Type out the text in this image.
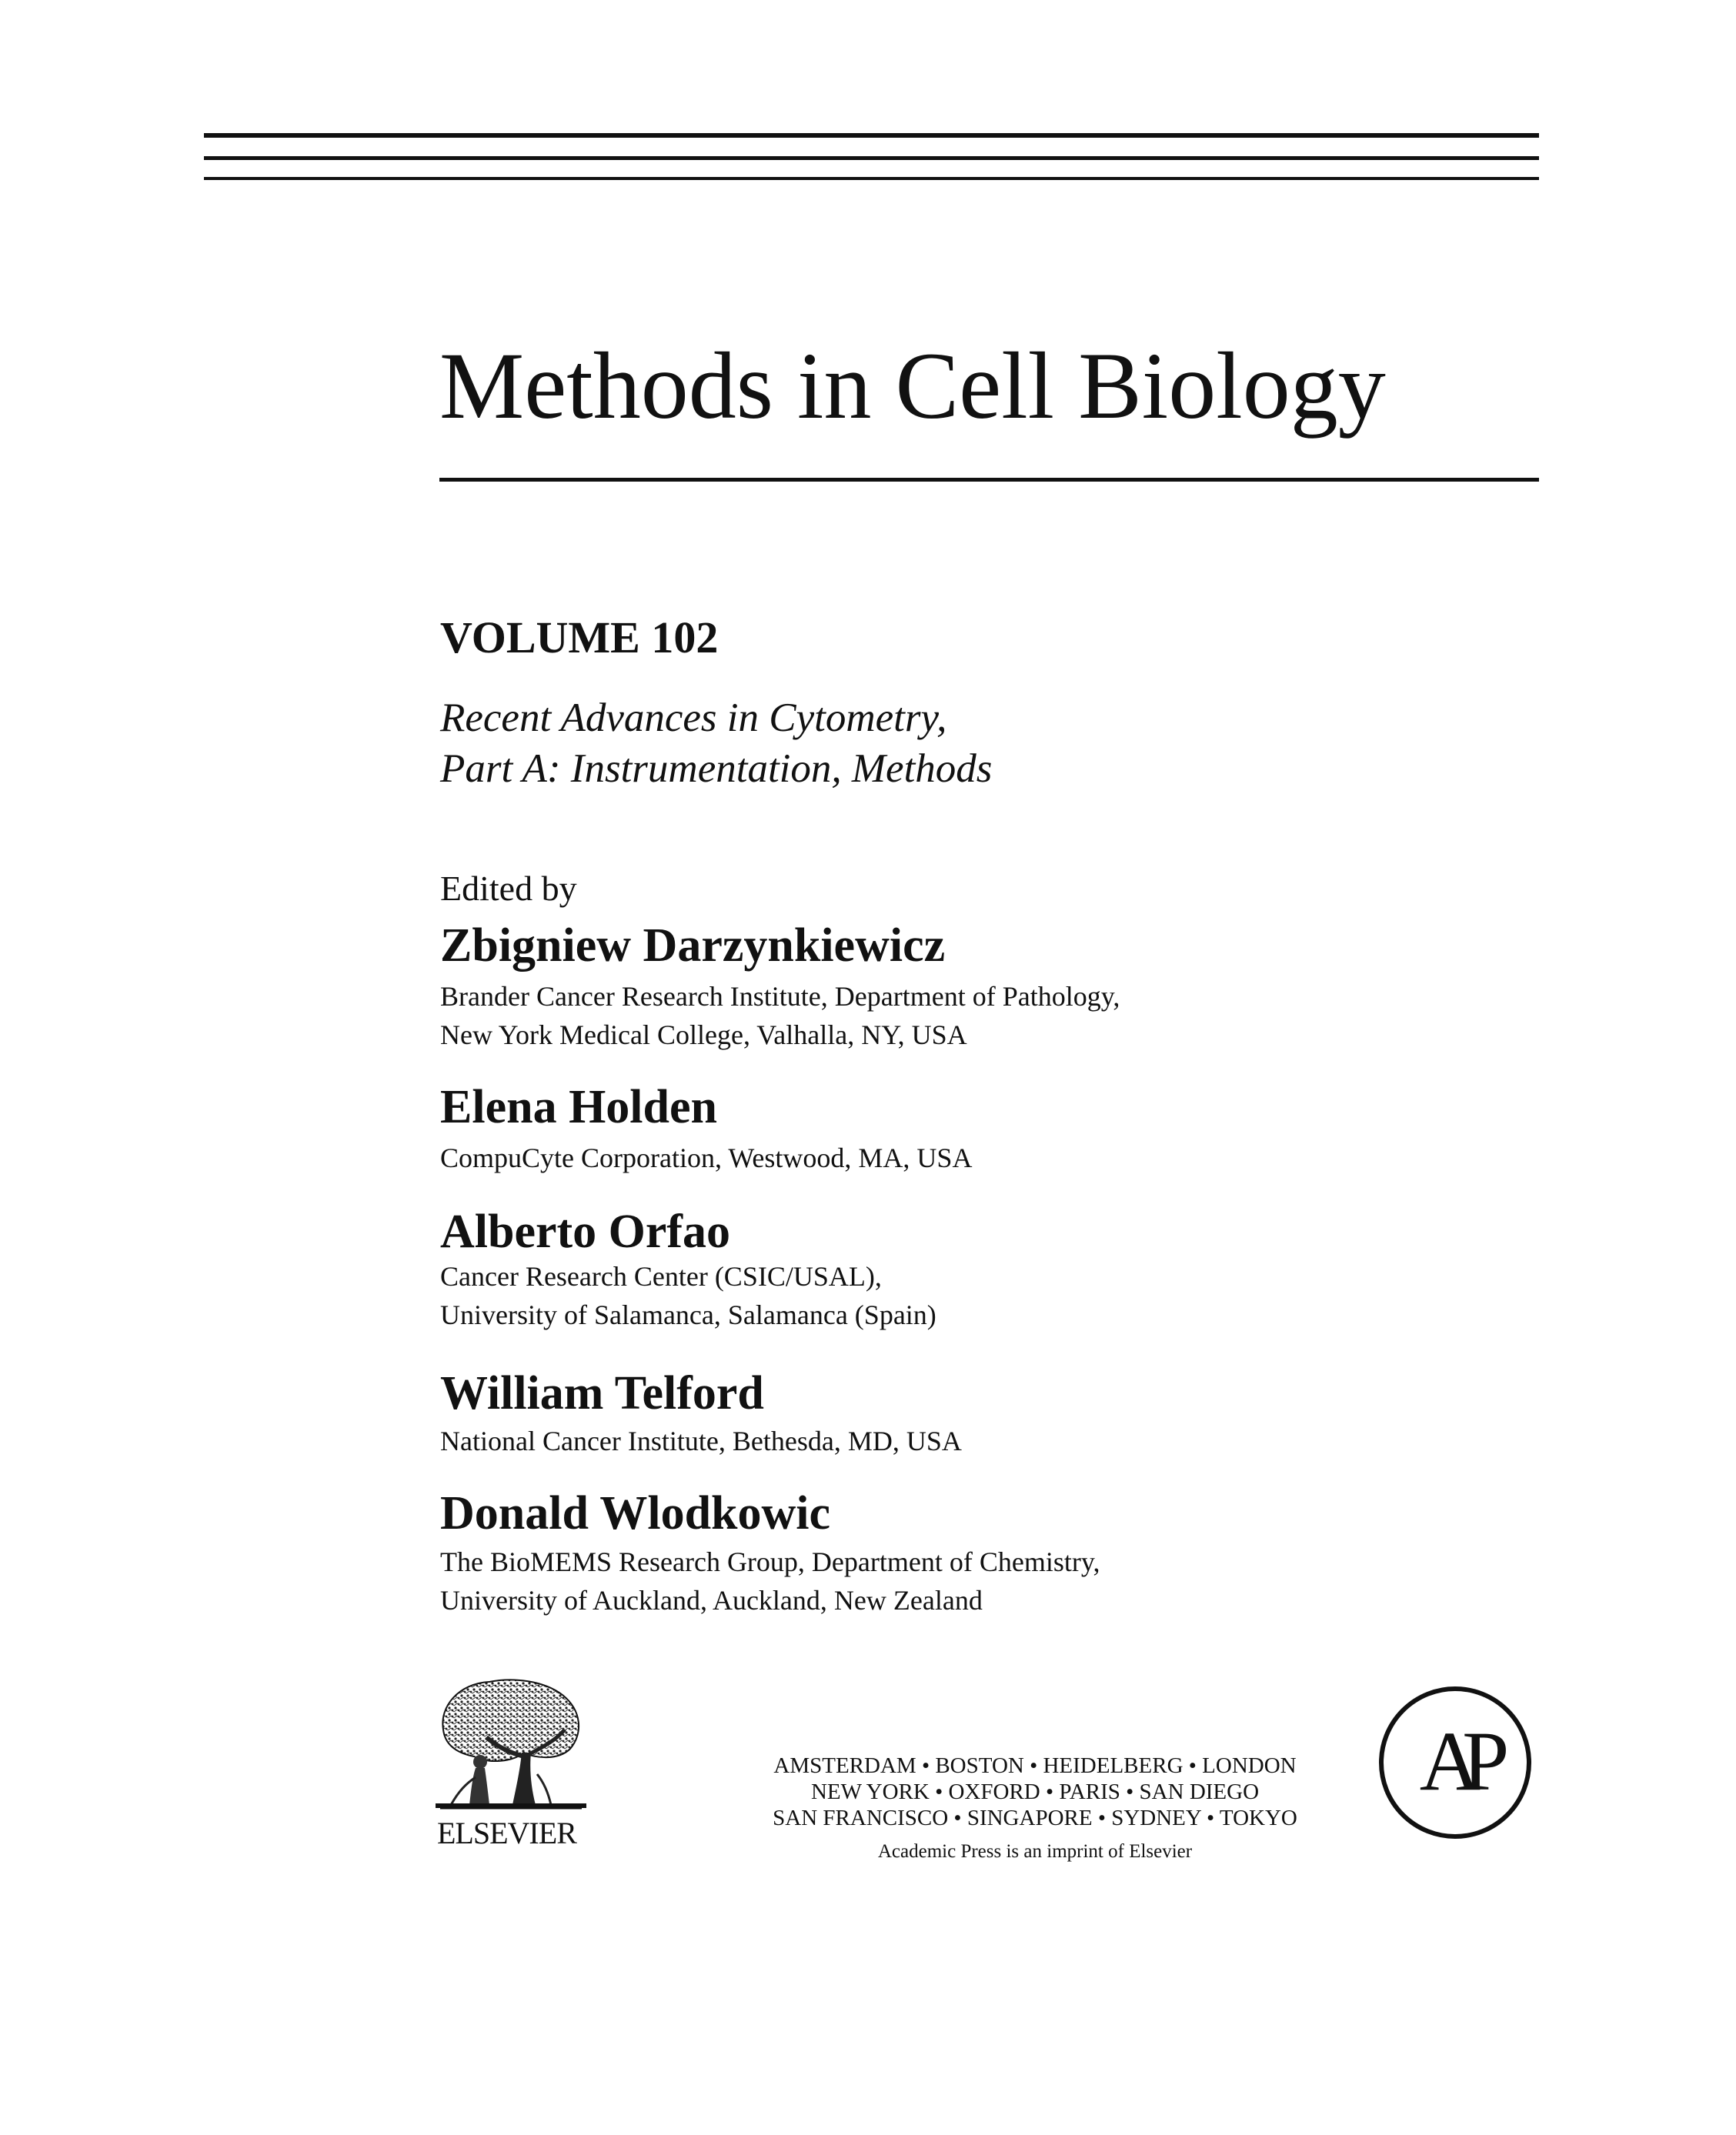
Methods in Cell Biology
VOLUME 102
Recent Advances in Cytometry,
Part A: Instrumentation, Methods
Edited by
Zbigniew Darzynkiewicz
Brander Cancer Research Institute, Department of Pathology,
New York Medical College, Valhalla, NY, USA
Elena Holden
CompuCyte Corporation, Westwood, MA, USA
Alberto Orfao
Cancer Research Center (CSIC/USAL),
University of Salamanca, Salamanca (Spain)
William Telford
National Cancer Institute, Bethesda, MD, USA
Donald Wlodkowic
The BioMEMS Research Group, Department of Chemistry,
University of Auckland, Auckland, New Zealand
ELSEVIER
AMSTERDAM • BOSTON • HEIDELBERG • LONDON
NEW YORK • OXFORD • PARIS • SAN DIEGO
SAN FRANCISCO • SINGAPORE • SYDNEY • TOKYO
Academic Press is an imprint of Elsevier
AP
